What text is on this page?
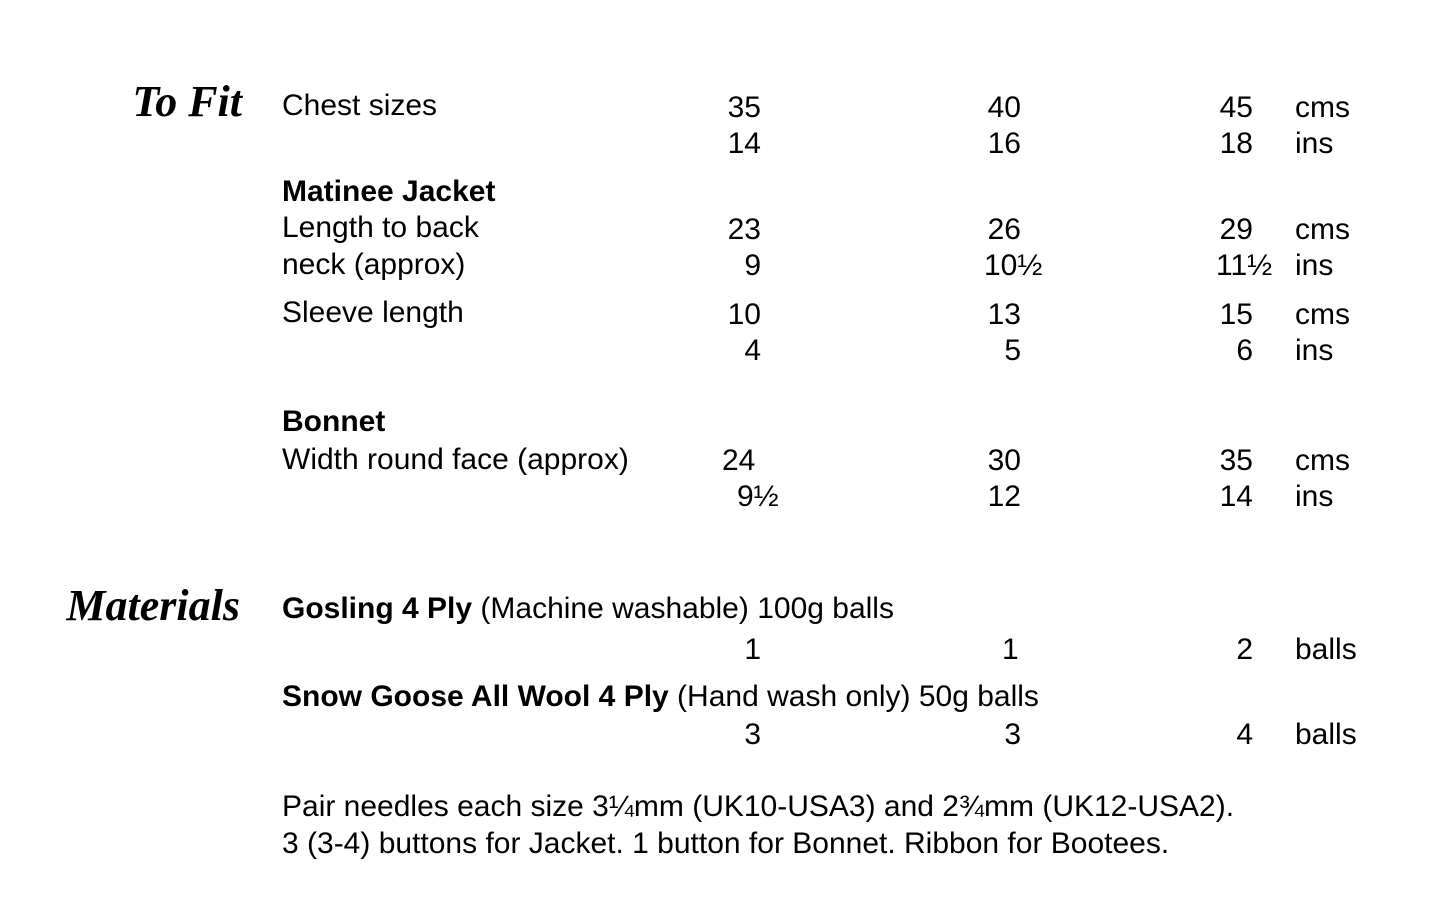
To Fit Chest sizes	35	40	45 cms
14	16	18 ins
Matinee Jacket
Length to back	23	26	29 cms
neck (approx)	9	10½	11½ ins
Sleeve length	10	13	15 cms
4	5	6 ins
Bonnet
Width round face (approx)	24	30	35 cms
9½	12	14 ins
Materials Gosling 4 Ply (Machine washable) 100g balls
1	1	2 balls
Snow Goose All Wool 4 Ply (Hand wash only) 50g balls
3	3	4 balls
Pair needles each size 3¼mm (UK10-USA3) and 2¾mm (UK12-USA2).
3 (3-4) buttons for Jacket. 1 button for Bonnet. Ribbon for Bootees.
